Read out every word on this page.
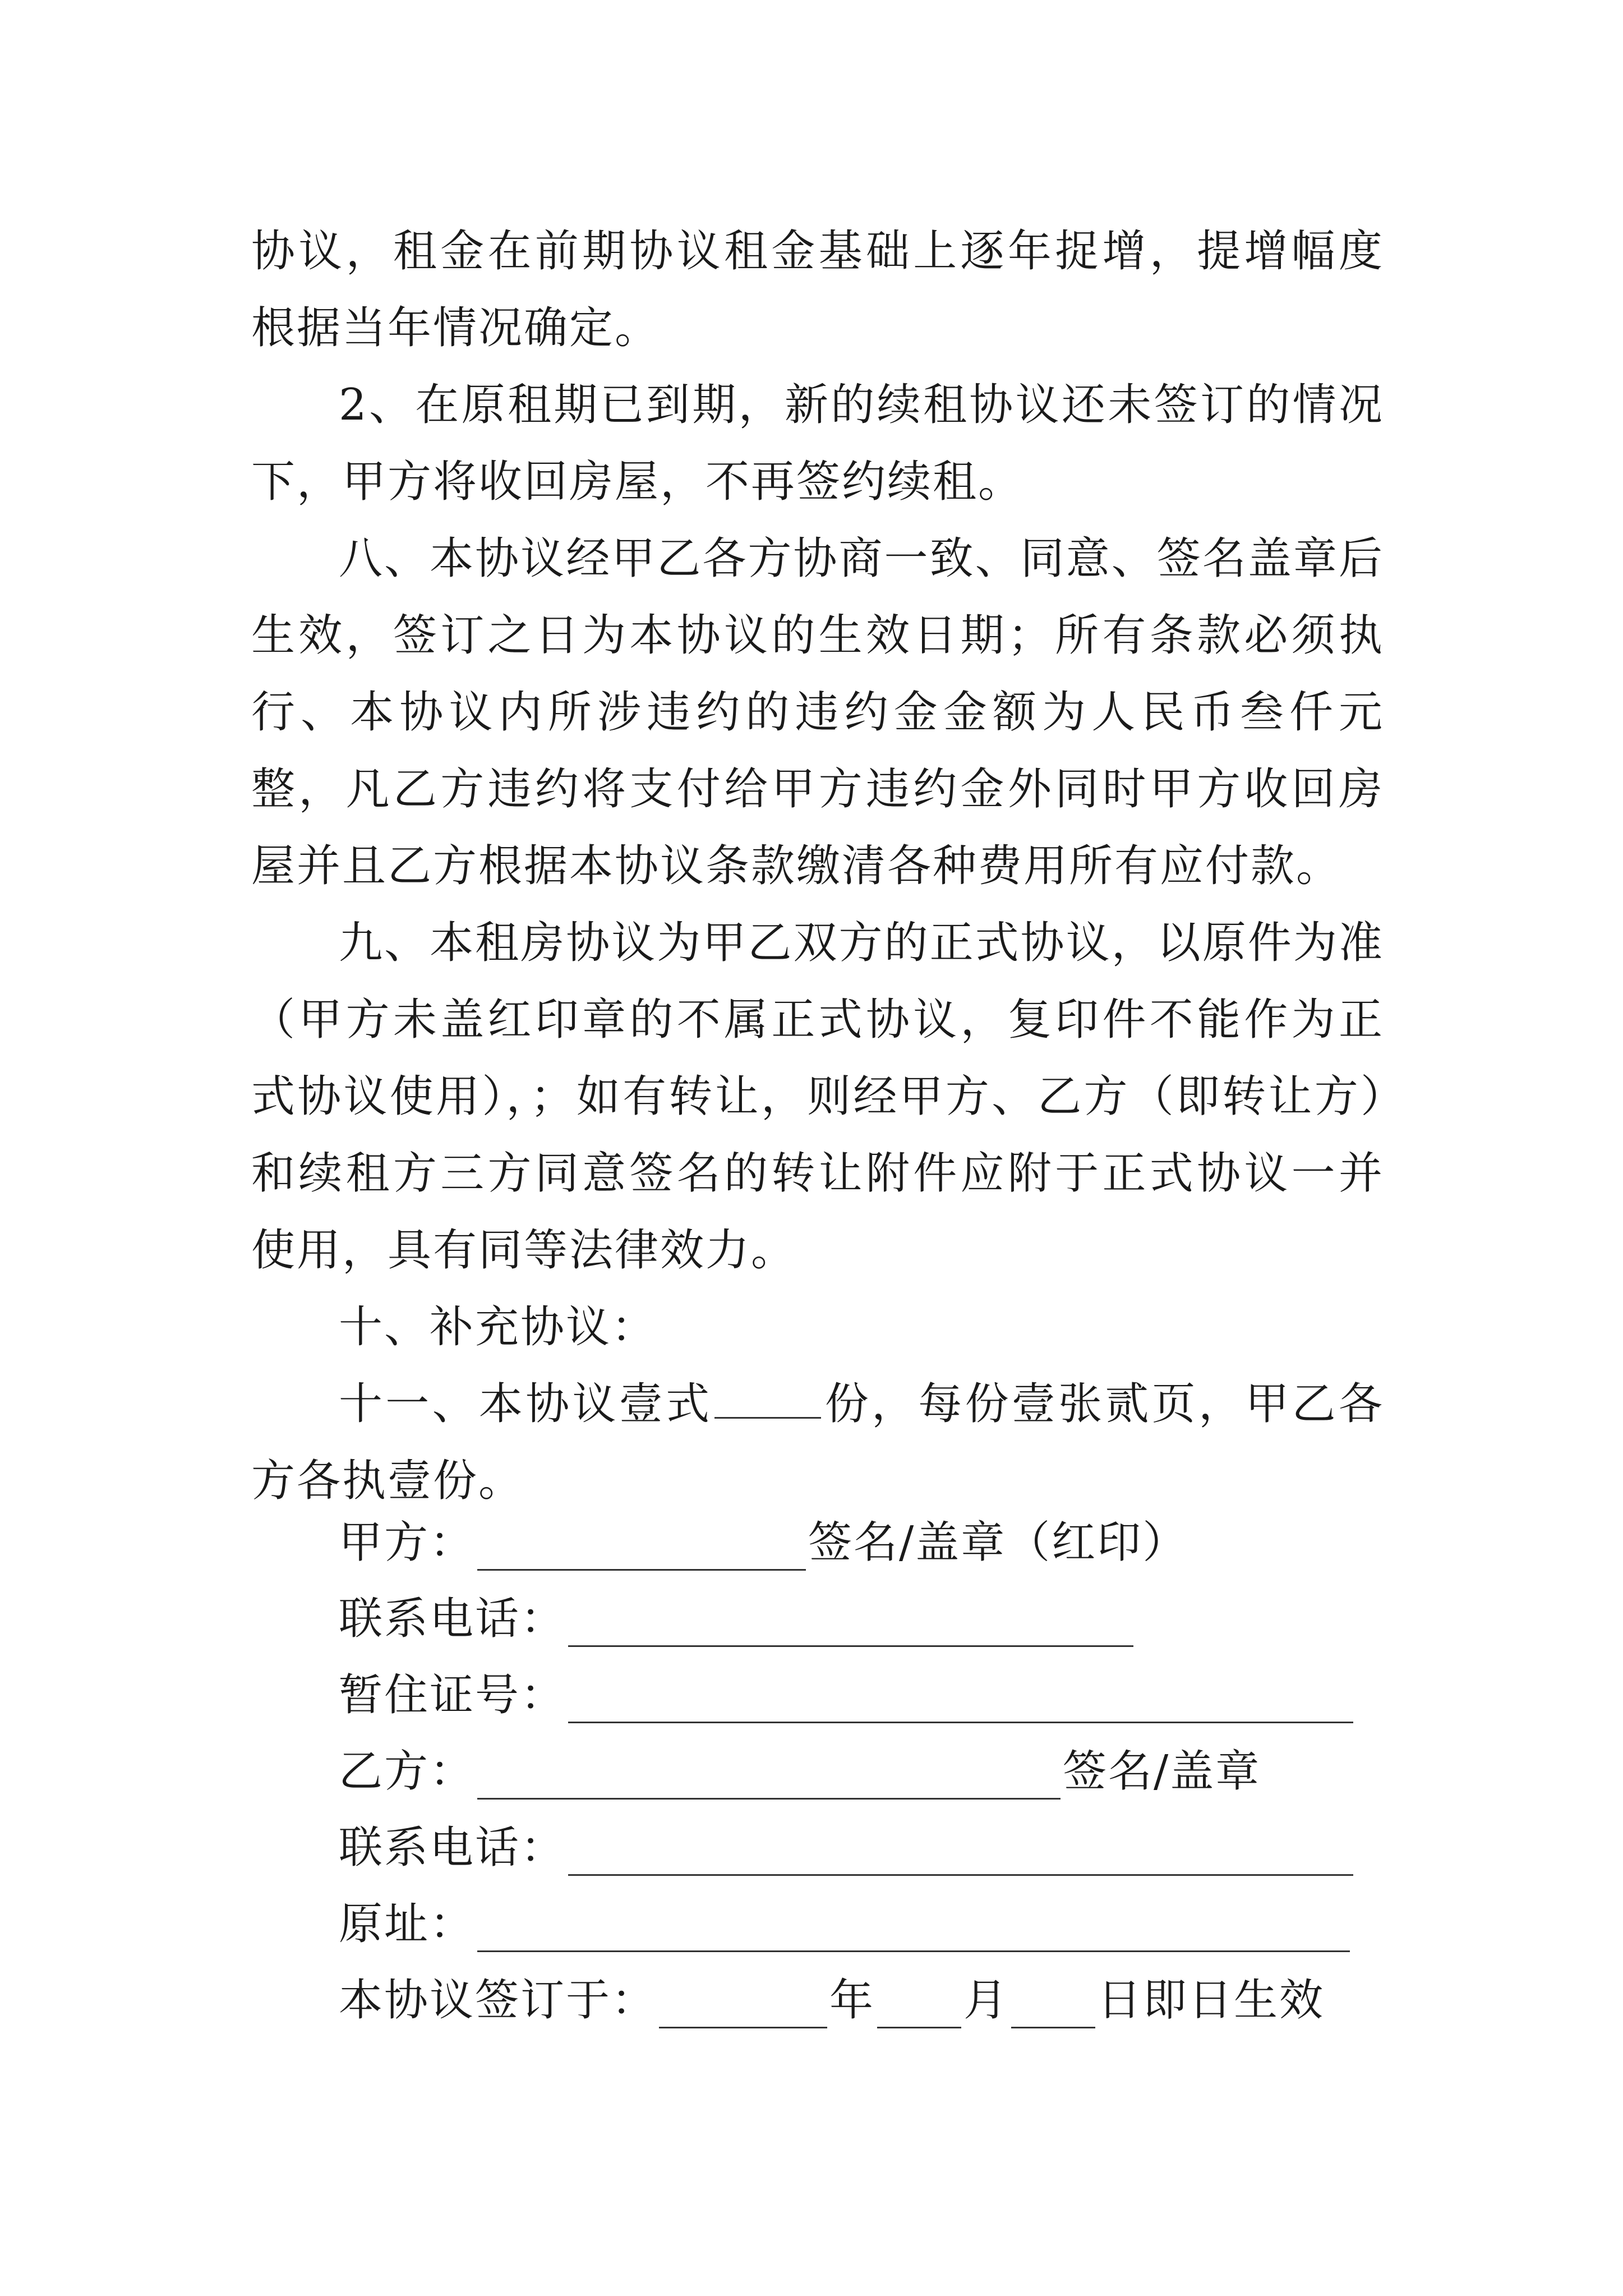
协议，租金在前期协议租金基础上逐年捉增，提增幅度根据当年情况确定。

2、在原租期已到期，新的续租协议还未签订的情况下，甲方将收回房屋，不再签约续租。

八、本协议经甲乙各方协商一致、同意、签名盖章后生效，签订之日为本协议的生效日期；所有条款必须执行、本协议内所涉违约的违约金金额为人民币叁仟元整，凡乙方违约将支付给甲方违约金外同时甲方收回房屋并且乙方根据本协议条款缴清各种费用所有应付款。

九、本租房协议为甲乙双方的正式协议，以原件为准（甲方未盖红印章的不属正式协议，复印件不能作为正式协议使用），；如有转让，则经甲方、乙方（即转让方）和续租方三方同意签名的转让附件应附于正式协议一并使用，具有同等法律效力。

十、补充协议：

十一、本协议壹式	份，每份壹张贰页，甲乙各方各执壹份。

甲方：	签名/盖章（红印）
联系电话：
暂住证号：
乙方：	签名/盖章
联系电话：
原址：
本协议签订于：	年 月 日即日生效
